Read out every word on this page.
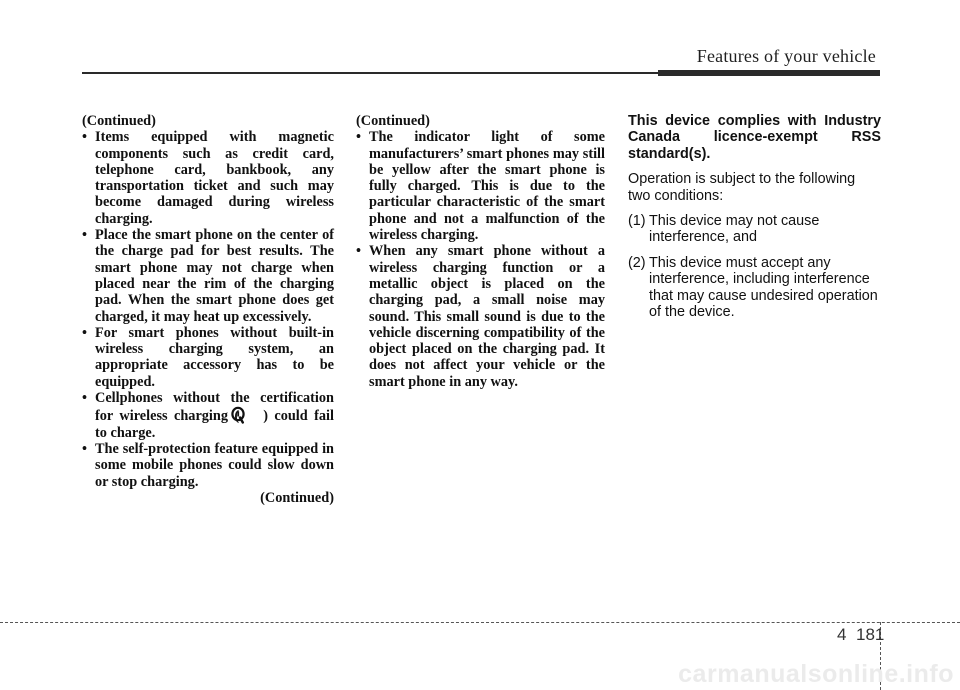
Features of your vehicle
(Continued)
• Items equipped with magnetic components such as credit card, telephone card, bankbook, any transportation ticket and such may become damaged during wireless charging.
• Place the smart phone on the center of the charge pad for best results. The smart phone may not charge when placed near the rim of the charging pad. When the smart phone does get charged, it may heat up excessively.
• For smart phones without built-in wireless charging system, an appropriate accessory has to be equipped.
• Cellphones without the certification for wireless charging ( ) could fail to charge.
• The self-protection feature equipped in some mobile phones could slow down or stop charging.
(Continued)
(Continued)
• The indicator light of some manufacturers’ smart phones may still be yellow after the smart phone is fully charged. This is due to the particular characteristic of the smart phone and not a malfunction of the wireless charging.
• When any smart phone without a wireless charging function or a metallic object is placed on the charging pad, a small noise may sound. This small sound is due to the vehicle discerning compatibility of the object placed on the charging pad. It does not affect your vehicle or the smart phone in any way.

This device complies with Industry Canada licence-exempt RSS standard(s).

Operation is subject to the following two conditions:

(1) This device may not cause interference, and
(2) This device must accept any interference, including interference that may cause undesired operation of the device.
4 181
carmanualsonline.info
